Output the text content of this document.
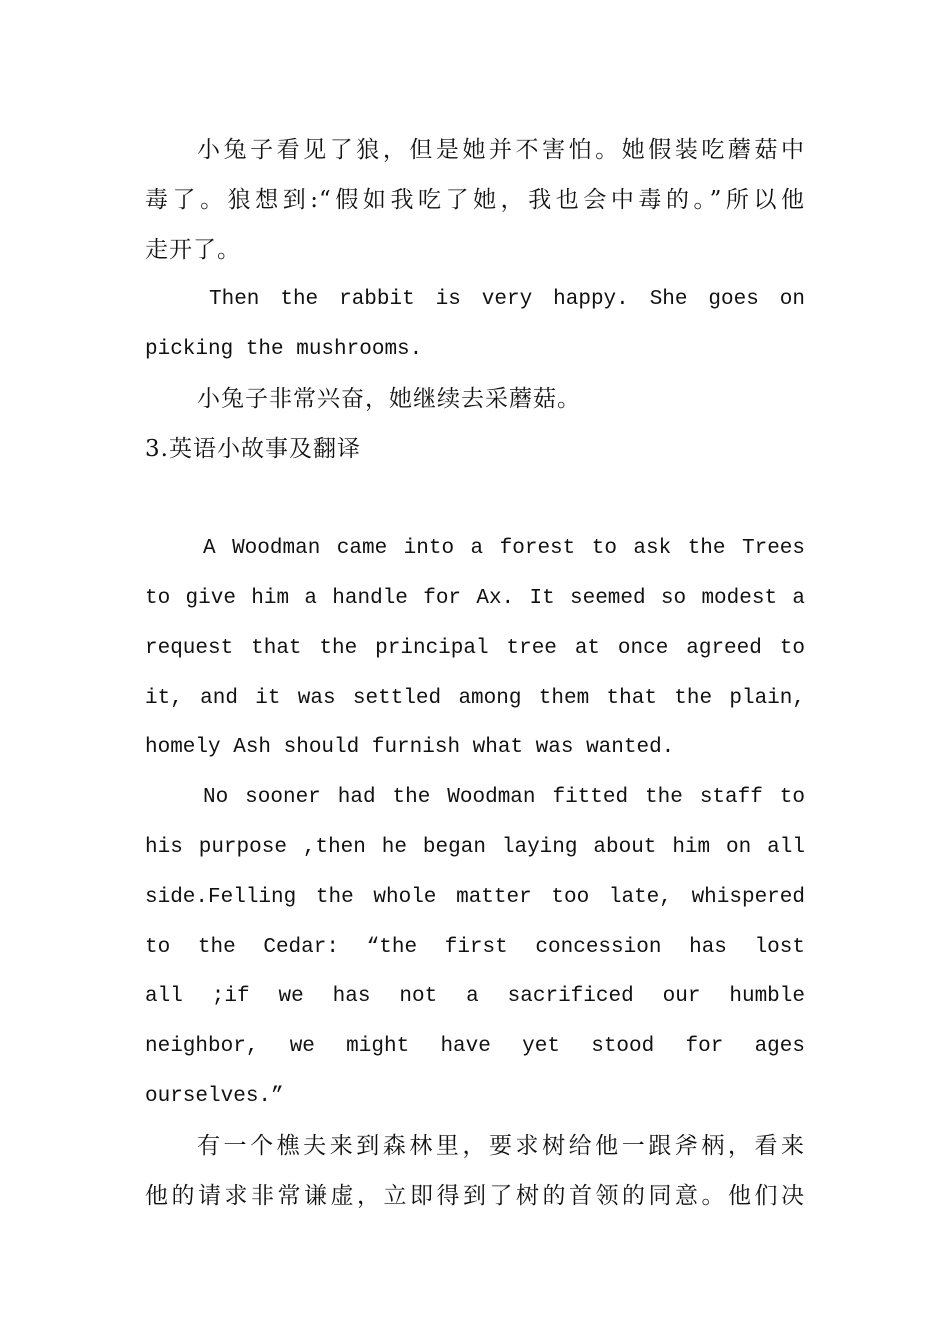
小兔子看见了狼，但是她并不害怕。她假装吃蘑菇中
毒了。狼想到:“假如我吃了她，我也会中毒的。”所以他
走开了。
Then the rabbit is very happy. She goes on
picking the mushrooms.
小兔子非常兴奋，她继续去采蘑菇。
3.英语小故事及翻译
A Woodman came into a forest to ask the Trees
to give him a handle for Ax. It seemed so modest a
request that the principal tree at once agreed to
it, and it was settled among them that the plain,
homely Ash should furnish what was wanted.
No sooner had the Woodman fitted the staff to
his purpose ,then he began laying about him on all
side.Felling the whole matter too late, whispered
to the Cedar: “the first concession has lost
all ;if we has not a sacrificed our humble
neighbor, we might have yet stood for ages
ourselves.”
有一个樵夫来到森林里，要求树给他一跟斧柄，看来
他的请求非常谦虚，立即得到了树的首领的同意。他们决
